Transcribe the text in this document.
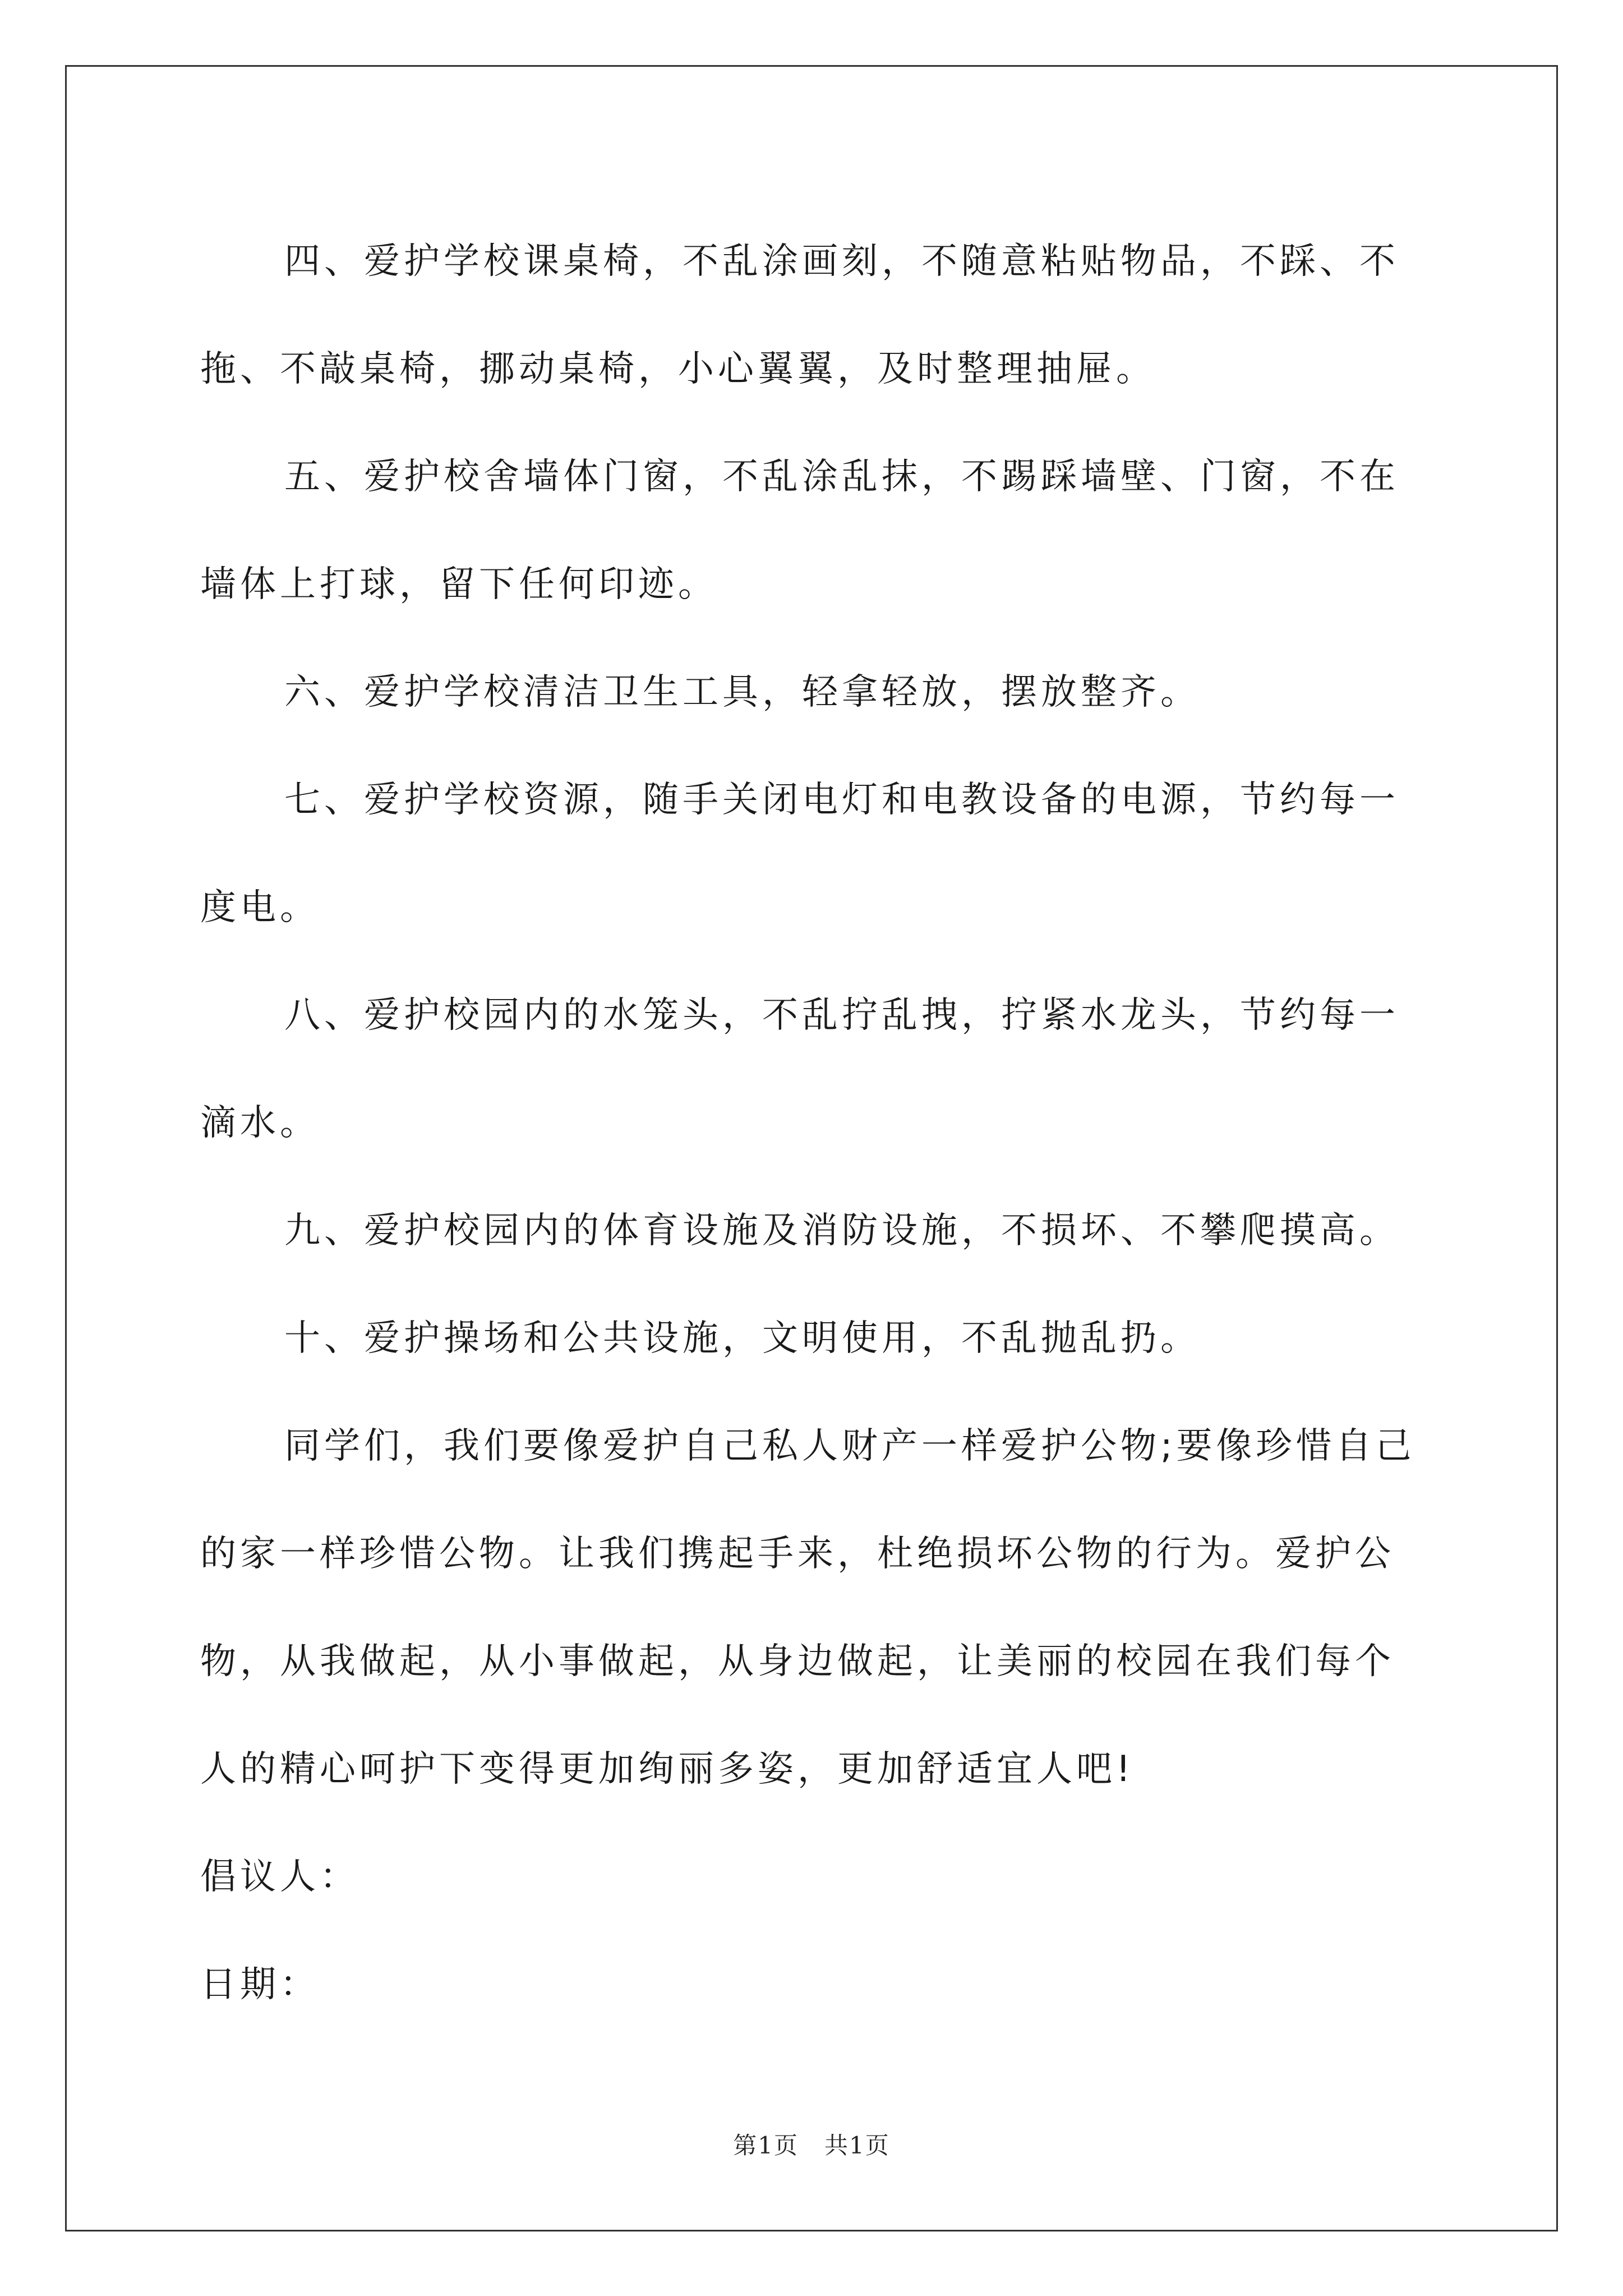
四、爱护学校课桌椅，不乱涂画刻，不随意粘贴物品，不踩、不拖、不敲桌椅，挪动桌椅，小心翼翼，及时整理抽屉。

五、爱护校舍墙体门窗，不乱涂乱抹，不踢踩墙壁、门窗，不在墙体上打球，留下任何印迹。

六、爱护学校清洁卫生工具，轻拿轻放，摆放整齐。

七、爱护学校资源，随手关闭电灯和电教设备的电源，节约每一度电。

八、爱护校园内的水笼头，不乱拧乱拽，拧紧水龙头，节约每一滴水。

九、爱护校园内的体育设施及消防设施，不损坏、不攀爬摸高。

十、爱护操场和公共设施，文明使用，不乱抛乱扔。

同学们，我们要像爱护自己私人财产一样爱护公物;要像珍惜自己的家一样珍惜公物。让我们携起手来，杜绝损坏公物的行为。爱护公物，从我做起，从小事做起，从身边做起，让美丽的校园在我们每个人的精心呵护下变得更加绚丽多姿，更加舒适宜人吧!

倡议人：

日期：

第1页 共1页
